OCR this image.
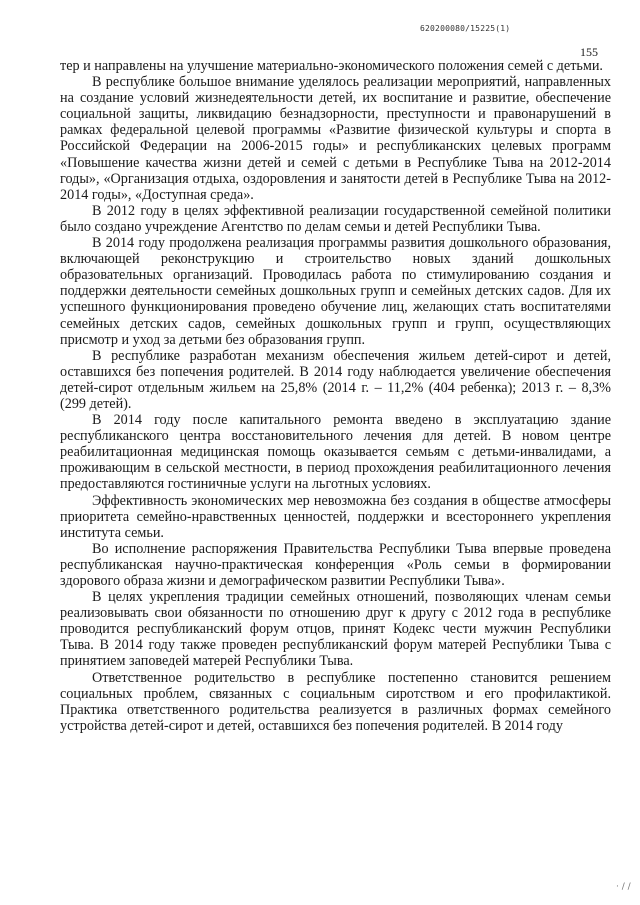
620200080/15225(1)
155

тер и направлены на улучшение материально-экономического положения семей с детьми.

В республике большое внимание уделялось реализации мероприятий, направленных на создание условий жизнедеятельности детей, их воспитание и развитие, обеспечение социальной защиты, ликвидацию безнадзорности, преступности и правонарушений в рамках федеральной целевой программы «Развитие физической культуры и спорта в Российской Федерации на 2006-2015 годы» и республиканских целевых программ «Повышение качества жизни детей и семей с детьми в Республике Тыва на 2012-2014 годы», «Организация отдыха, оздоровления и занятости детей в Республике Тыва на 2012-2014 годы», «Доступная среда».

В 2012 году в целях эффективной реализации государственной семейной политики было создано учреждение Агентство по делам семьи и детей Республики Тыва.

В 2014 году продолжена реализация программы развития дошкольного образования, включающей реконструкцию и строительство новых зданий дошкольных образовательных организаций. Проводилась работа по стимулированию создания и поддержки деятельности семейных дошкольных групп и семейных детских садов. Для их успешного функционирования проведено обучение лиц, желающих стать воспитателями семейных детских садов, семейных дошкольных групп и групп, осуществляющих присмотр и уход за детьми без образования групп.

В республике разработан механизм обеспечения жильем детей-сирот и детей, оставшихся без попечения родителей. В 2014 году наблюдается увеличение обеспечения детей-сирот отдельным жильем на 25,8% (2014 г. – 11,2% (404 ребенка); 2013 г. – 8,3% (299 детей).

В 2014 году после капитального ремонта введено в эксплуатацию здание республиканского центра восстановительного лечения для детей. В новом центре реабилитационная медицинская помощь оказывается семьям с детьми-инвалидами, а проживающим в сельской местности, в период прохождения реабилитационного лечения предоставляются гостиничные услуги на льготных условиях.

Эффективность экономических мер невозможна без создания в обществе атмосферы приоритета семейно-нравственных ценностей, поддержки и всестороннего укрепления института семьи.

Во исполнение распоряжения Правительства Республики Тыва впервые проведена республиканская научно-практическая конференция «Роль семьи в формировании здорового образа жизни и демографическом развитии Республики Тыва».

В целях укрепления традиции семейных отношений, позволяющих членам семьи реализовывать свои обязанности по отношению друг к другу с 2012 года в республике проводится республиканский форум отцов, принят Кодекс чести мужчин Республики Тыва. В 2014 году также проведен республиканский форум матерей Республики Тыва с принятием заповедей матерей Республики Тыва.

Ответственное родительство в республике постепенно становится решением социальных проблем, связанных с социальным сиротством и его профилактикой. Практика ответственного родительства реализуется в различных формах семейного устройства детей-сирот и детей, оставшихся без попечения родителей. В 2014 году

· / /
